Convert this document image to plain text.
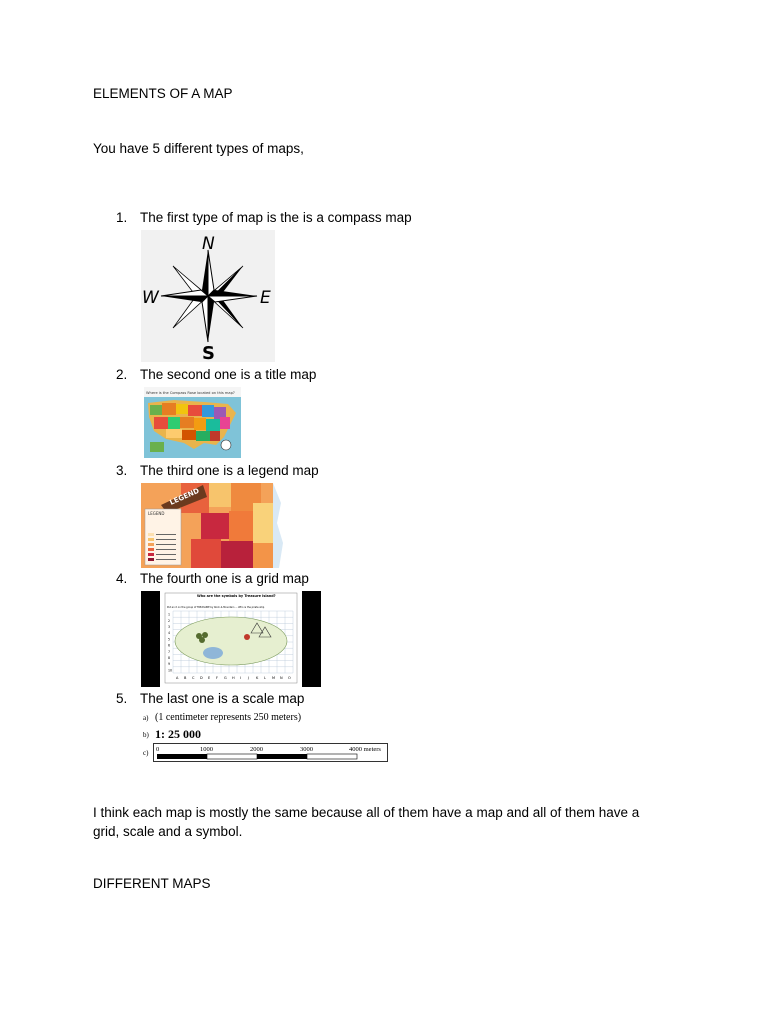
ELEMENTS OF A MAP
You have 5 different types of maps,
1. The first type of map is the is a compass map
N
S
W	E
2. The second one is a title map
Where is the Compass Rose located on this map?
3. The third one is a legend map
LEGEND
LEGEND
4. The fourth one is a grid map
Who are the symbols by Treasure Island?
Put an X on the group of TREASURE by Rock & Mountain ... Who is the pirate ship
A B C D E F G H I J K L M N O
1
2
3
4
5
6
7
8
9
10
5. The last one is a scale map
a) (1 centimeter represents 250 meters)
b) 1: 25 000
c) 0	1000	2000	3000	4000 meters
I think each map is mostly the same because all of them have a map and all of them have a
grid, scale and a symbol.
DIFFERENT MAPS
